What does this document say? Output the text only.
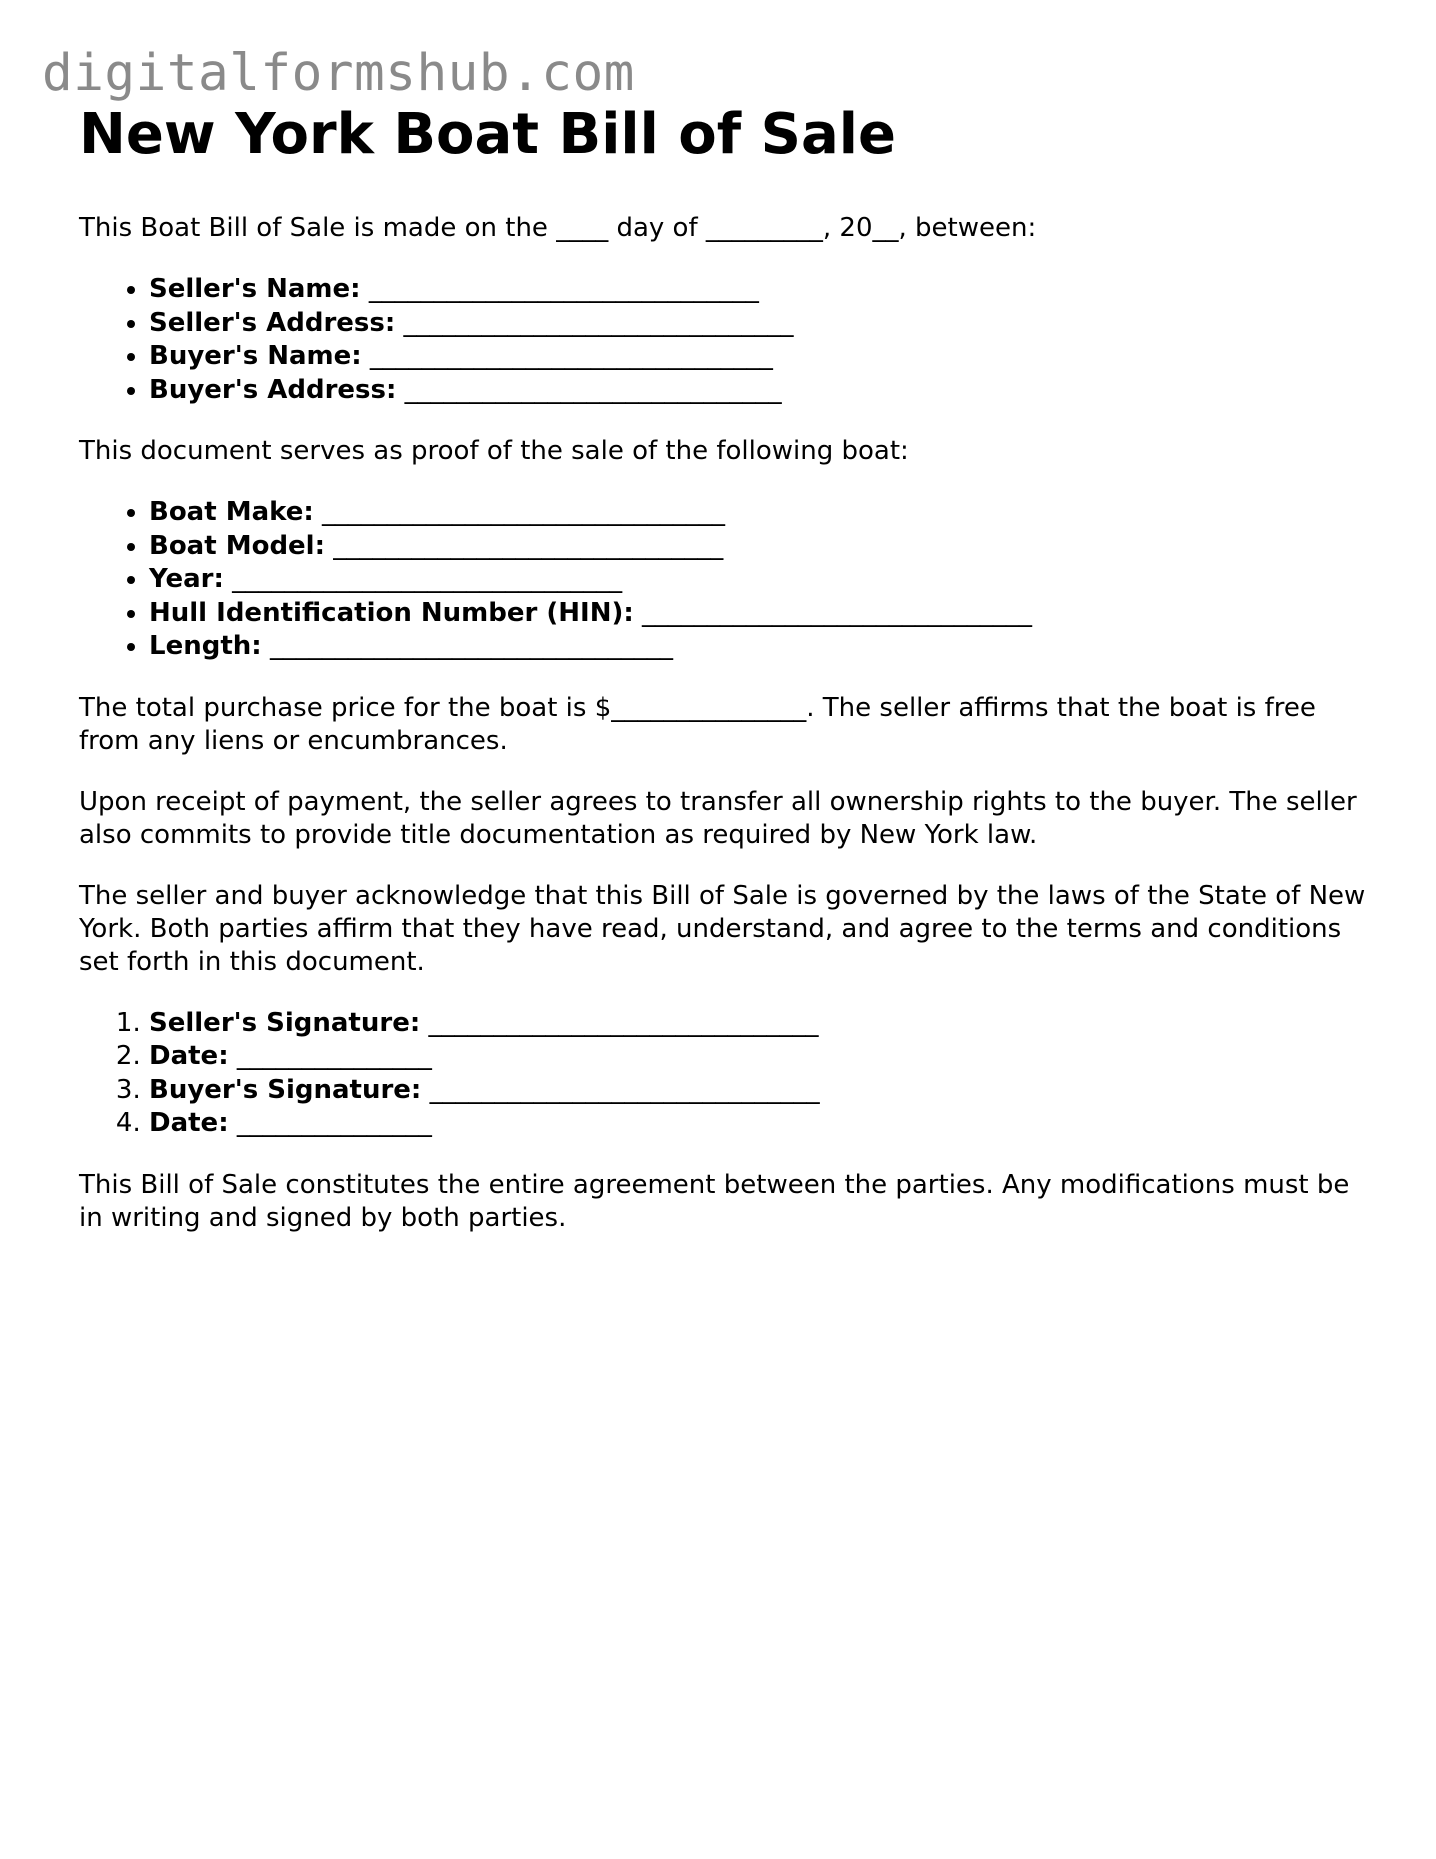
digitalformshub.com
New York Boat Bill of Sale

This Boat Bill of Sale is made on the ____ day of _________, 20__, between:

• Seller's Name: ______________________________
• Seller's Address: ______________________________
• Buyer's Name: _______________________________
• Buyer's Address: _____________________________

This document serves as proof of the sale of the following boat:

• Boat Make: _______________________________
• Boat Model: ______________________________
• Year: ______________________________
• Hull Identification Number (HIN): ______________________________
• Length: _______________________________

The total purchase price for the boat is $_______________. The seller affirms that the boat is free from any liens or encumbrances.

Upon receipt of payment, the seller agrees to transfer all ownership rights to the buyer. The seller also commits to provide title documentation as required by New York law.

The seller and buyer acknowledge that this Bill of Sale is governed by the laws of the State of New York. Both parties affirm that they have read, understand, and agree to the terms and conditions set forth in this document.

1. Seller's Signature: ______________________________
2. Date: _______________
3. Buyer's Signature: ______________________________
4. Date: _______________

This Bill of Sale constitutes the entire agreement between the parties. Any modifications must be in writing and signed by both parties.
